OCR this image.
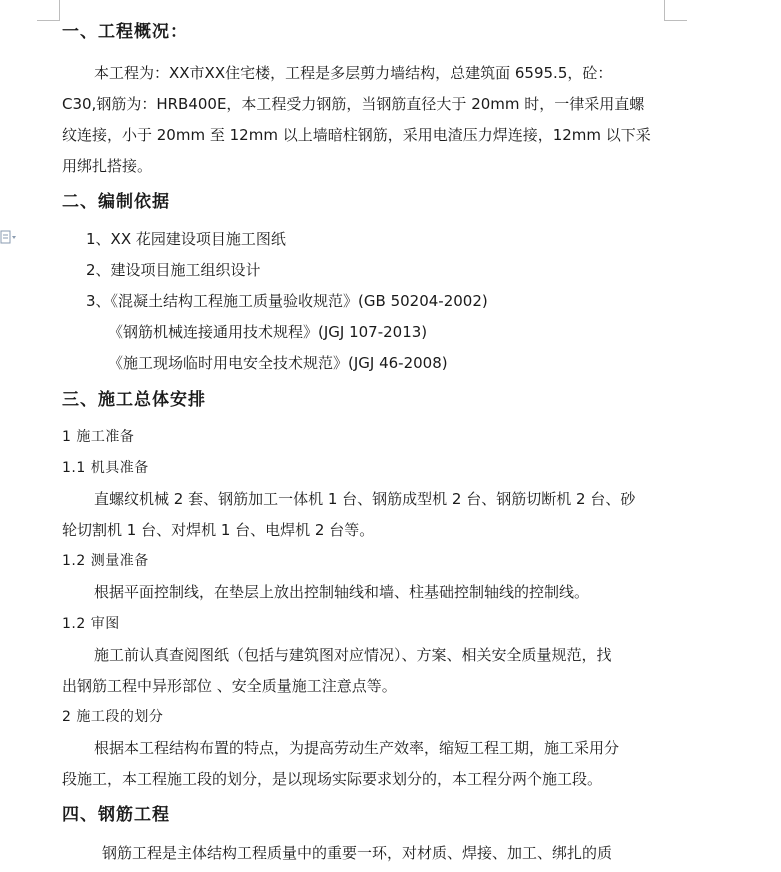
一、工程概况：
本工程为：XX市XX住宅楼，工程是多层剪力墙结构，总建筑面 6595.5，砼：
C30,钢筋为：HRB400E，本工程受力钢筋，当钢筋直径大于 20mm 时，一律采用直螺
纹连接，小于 20mm 至 12mm 以上墙暗柱钢筋，采用电渣压力焊连接，12mm 以下采
用绑扎搭接。
二、编制依据
1、XX 花园建设项目施工图纸
2、建设项目施工组织设计
3、《混凝土结构工程施工质量验收规范》(GB 50204-2002)
《钢筋机械连接通用技术规程》(JGJ 107-2013)
《施工现场临时用电安全技术规范》(JGJ 46-2008)
三、施工总体安排
1 施工准备
1.1 机具准备
直螺纹机械 2 套、钢筋加工一体机 1 台、钢筋成型机 2 台、钢筋切断机 2 台、砂
轮切割机 1 台、对焊机 1 台、电焊机 2 台等。
1.2 测量准备
根据平面控制线，在垫层上放出控制轴线和墙、柱基础控制轴线的控制线。
1.2 审图
施工前认真查阅图纸（包括与建筑图对应情况）、方案、相关安全质量规范，找
出钢筋工程中异形部位 、安全质量施工注意点等。
2 施工段的划分
根据本工程结构布置的特点，为提高劳动生产效率，缩短工程工期，施工采用分
段施工，本工程施工段的划分，是以现场实际要求划分的，本工程分两个施工段。
四、钢筋工程
钢筋工程是主体结构工程质量中的重要一环，对材质、焊接、加工、绑扎的质
